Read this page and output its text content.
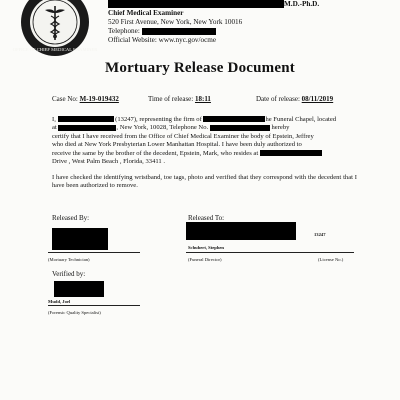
OFFICE OF CHIEF MEDICAL EXAMINER
M.D.-Ph.D.
Chief Medical Examiner
520 First Avenue, New York, New York 10016
Telephone:
Official Website: www.nyc.gov/ocme
Mortuary Release Document
Case No: M-19-019432	Time of release: 18:11	Date of release: 08/11/2019
I,	(13247), representing the firm of	he Funeral Chapel, located
at	, New York, 10028, Telephone No.	hereby
certify that I have received from the Office of Chief Medical Examiner the body of Epstein, Jeffrey
who died at New York Presbyterian Lower Manhattan Hospital. I have been duly authorized to
receive the same by the brother of the decedent, Epstein, Mark, who resides at
Drive , West Palm Beach , Florida, 33411 .
I have checked the identifying wristband, toe tags, photo and verified that they correspond with the decedent that I have been authorized to remove.
Released By:
(Mortuary Technician)
Released To:
13247
Schubert, Stephen
(Funeral Director)	(License No.)
Verified by:
Mudd, Joel
(Forensic Quality Specialist)
